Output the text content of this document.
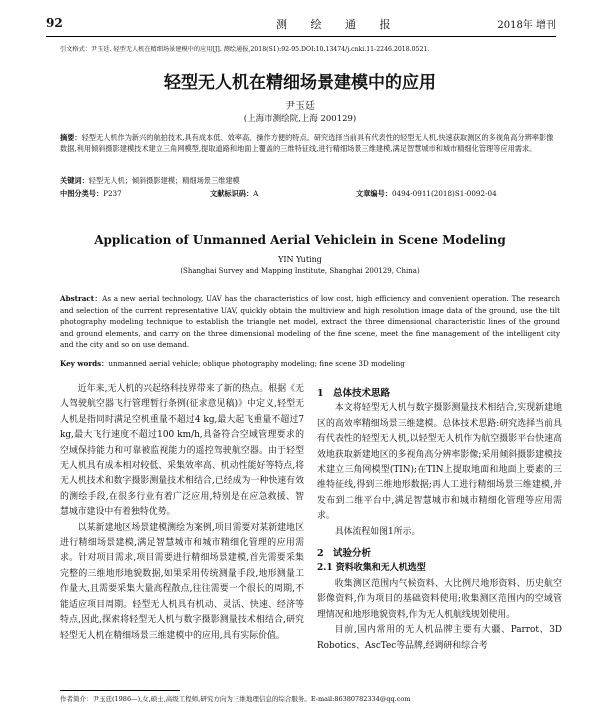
92	测 绘 通 报	2018年 增刊
引文格式：尹玉廷. 轻型无人机在精细场景建模中的应用[J]. 测绘通报,2018(S1):92-95.DOI:10.13474/j.cnki.11-2246.2018.0521.
轻型无人机在精细场景建模中的应用
尹玉廷
(上海市测绘院,上海 200129)
摘要：轻型无人机作为新兴的航拍技术,具有成本低、效率高、操作方便的特点。研究选择当前具有代表性的轻型无人机,快速获取测区的多视角高分辨率影像数据,利用倾斜摄影建模技术建立三角网模型,提取道路和地面上覆盖的三维特征线,进行精细场景三维建模,满足智慧城市和城市精细化管理等应用需求。
关键词：轻型无人机；倾斜摄影建模；精细场景三维建模
中图分类号：P237	文献标识码：A	文章编号：0494-0911(2018)S1-0092-04
Application of Unmanned Aerial Vehiclein in Scene Modeling
YIN Yuting
(Shanghai Survey and Mapping Institute, Shanghai 200129, China)
Abstract：As a new aerial technology, UAV has the characteristics of low cost, high efficiency and convenient operation. The research and selection of the current representative UAV, quickly obtain the multiview and high resolution image data of the ground, use the tilt photography modeling technique to establish the triangle net model, extract the three dimensional characteristic lines of the ground and ground elements, and carry on the three dimensional modeling of the fine scene, meet the fine management of the intelligent city and the city and so on use demand.
Key words：unmanned aerial vehicle; oblique photography modeling; fine scene 3D modeling

近年来,无人机的兴起络科技界带来了新的热点。根据《无人驾驶航空器飞行管理暂行条例(征求意见稿)》中定义,轻型无人机是指同时满足空机重量不超过4 kg,最大起飞重量不超过7 kg,最大飞行速度不超过100 km/h,具备符合空域管理要求的空域保持能力和可靠被监视能力的遥控驾驶航空器。由于轻型无人机具有成本相对较低、采集效率高、机动性能好等特点,将无人机技术和数字摄影测量技术相结合,已经成为一种快速有效的测绘手段,在很多行业有着广泛应用,特别是在应急救援、智慧城市建设中有着独特优势。

以某新建地区场景建模测绘为案例,项目需要对某新建地区进行精细场景建模,满足智慧城市和城市精细化管理的应用需求。针对项目需求,项目需要进行精细场景建模,首先需要采集完整的三维地形地貌数据,如果采用传统测量手段,地形测量工作量大,且需要采集大量高程散点,往往需要一个很长的周期,不能适应项目周期。轻型无人机具有机动、灵活、快速、经济等特点,因此,探索将轻型无人机与数字摄影测量技术相结合,研究轻型无人机在精细场景三维建模中的应用,具有实际价值。

1 总体技术思路

本文将轻型无人机与数字摄影测量技术相结合,实现新建地区的高效率精细场景三维建模。总体技术思路:研究选择当前具有代表性的轻型无人机,以轻型无人机作为航空摄影平台快速高效地获取新建地区的多视角高分辨率影像;采用倾斜摄影建模技术建立三角网模型(TIN);在TIN上提取地面和地面上要素的三维特征线,得到三维地形数据;再人工进行精细场景三维建模,并发布到二维平台中,满足智慧城市和城市精细化管理等应用需求。

具体流程如图1所示。

2 试验分析

2.1 资料收集和无人机选型

收集测区范围内气候资料、大比例尺地形资料、历史航空影像资料,作为项目的基础资料使用;收集测区范围内的空域管理情况和地形地貌资料,作为无人机航线规划使用。

目前,国内常用的无人机品牌主要有大疆、Parrot、3D Robotics、AscTec等品牌,经调研和综合考

作者简介：尹玉廷(1986—),女,硕士,高级工程师,研究方向为三维地理信息的综合服务。E-mail:86380782334@qq.com
